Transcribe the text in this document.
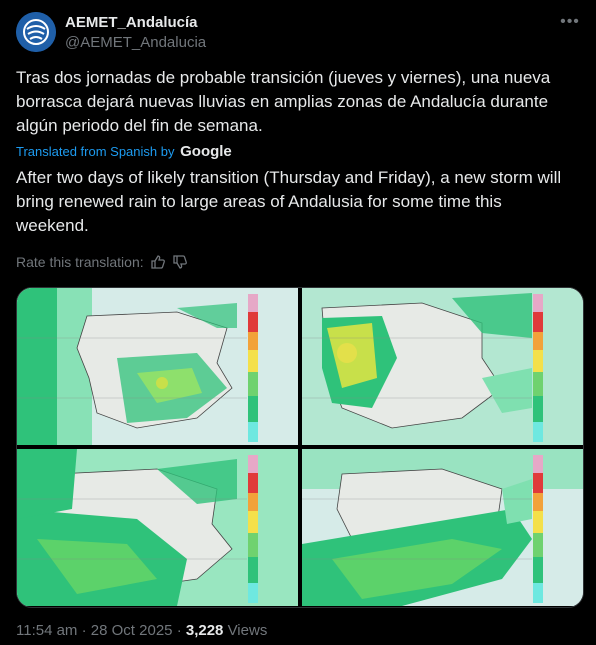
AEMET_Andalucía
@AEMET_Andalucia
•••
Tras dos jornadas de probable transición (jueves y viernes), una nueva borrasca dejará nuevas lluvias en amplias zonas de Andalucía durante algún periodo del fin de semana.
Translated from Spanish by Google
After two days of likely transition (Thursday and Friday), a new storm will bring renewed rain to large areas of Andalusia for some time this weekend.
Rate this translation:
11:54 am · 28 Oct 2025 · 3,228 Views
